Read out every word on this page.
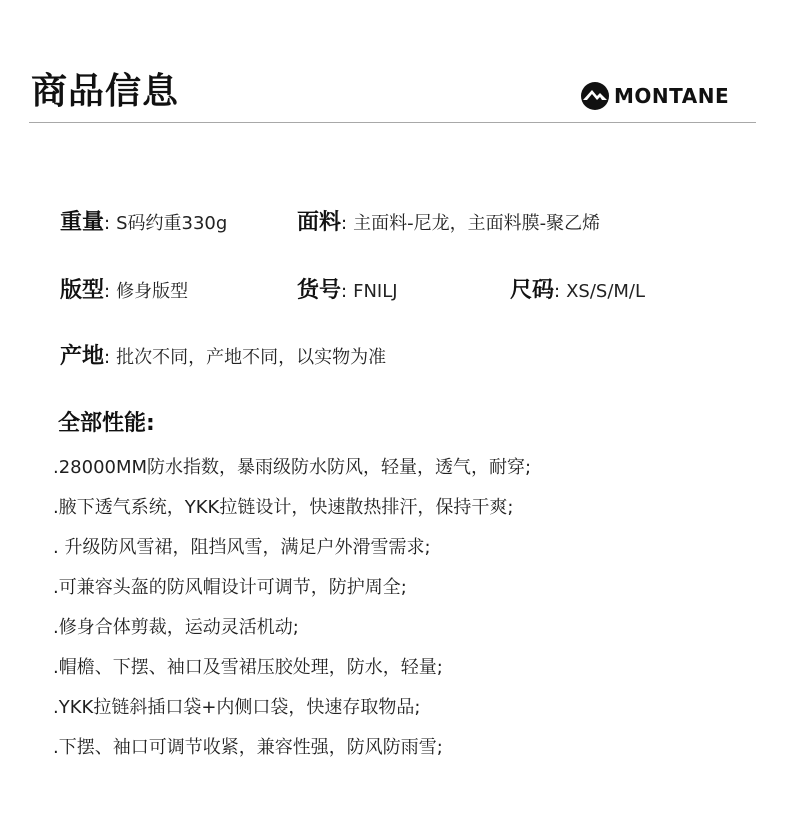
商品信息	MONTANE
重量 : S码约重330g	面料 : 主面料-尼龙，主面料膜-聚乙烯
版型 : 修身版型	货号 : FNILJ	尺码 : XS/S/M/L
产地 : 批次不同，产地不同，以实物为准
全部性能:
.28000MM防水指数，暴雨级防水防风，轻量，透气，耐穿;
.腋下透气系统，YKK拉链设计，快速散热排汗，保持干爽;
. 升级防风雪裙，阻挡风雪，满足户外滑雪需求;
.可兼容头盔的防风帽设计可调节，防护周全;
.修身合体剪裁，运动灵活机动;
.帽檐、下摆、袖口及雪裙压胶处理，防水，轻量;
.YKK拉链斜插口袋+内侧口袋，快速存取物品;
.下摆、袖口可调节收紧，兼容性强，防风防雨雪;
